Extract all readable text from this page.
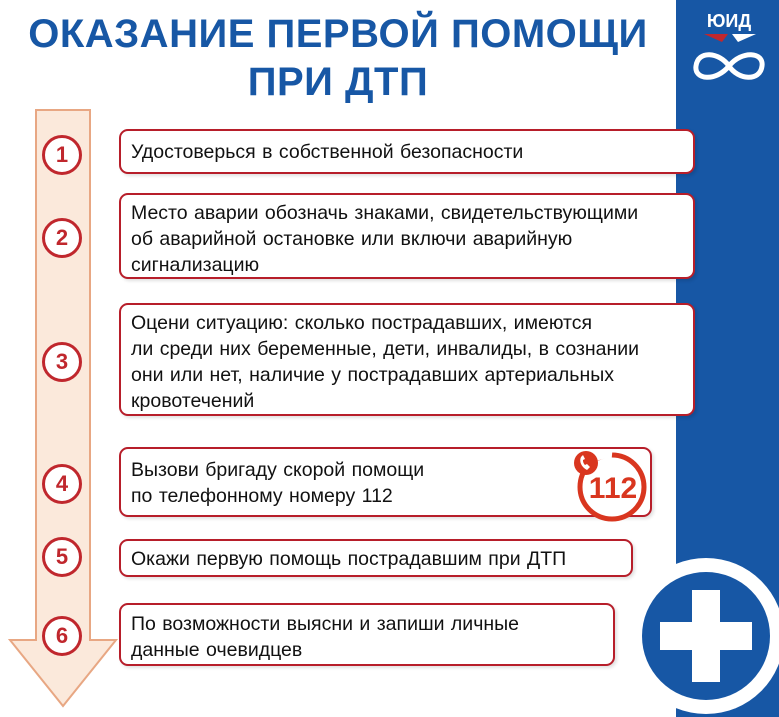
ОКАЗАНИЕ ПЕРВОЙ ПОМОЩИ
ПРИ ДТП
ЮИД
1
2
3
4
5
6
Удостоверься в собственной безопасности
Место аварии обозначь знаками, свидетельствующими
об аварийной остановке или включи аварийную
сигнализацию
Оцени ситуацию: сколько пострадавших, имеются
ли среди них беременные, дети, инвалиды, в сознании
они или нет, наличие у пострадавших артериальных
кровотечений
Вызови бригаду скорой помощи
по телефонному номеру 112	112
Окажи первую помощь пострадавшим при ДТП
По возможности выясни и запиши личные
данные очевидцев
